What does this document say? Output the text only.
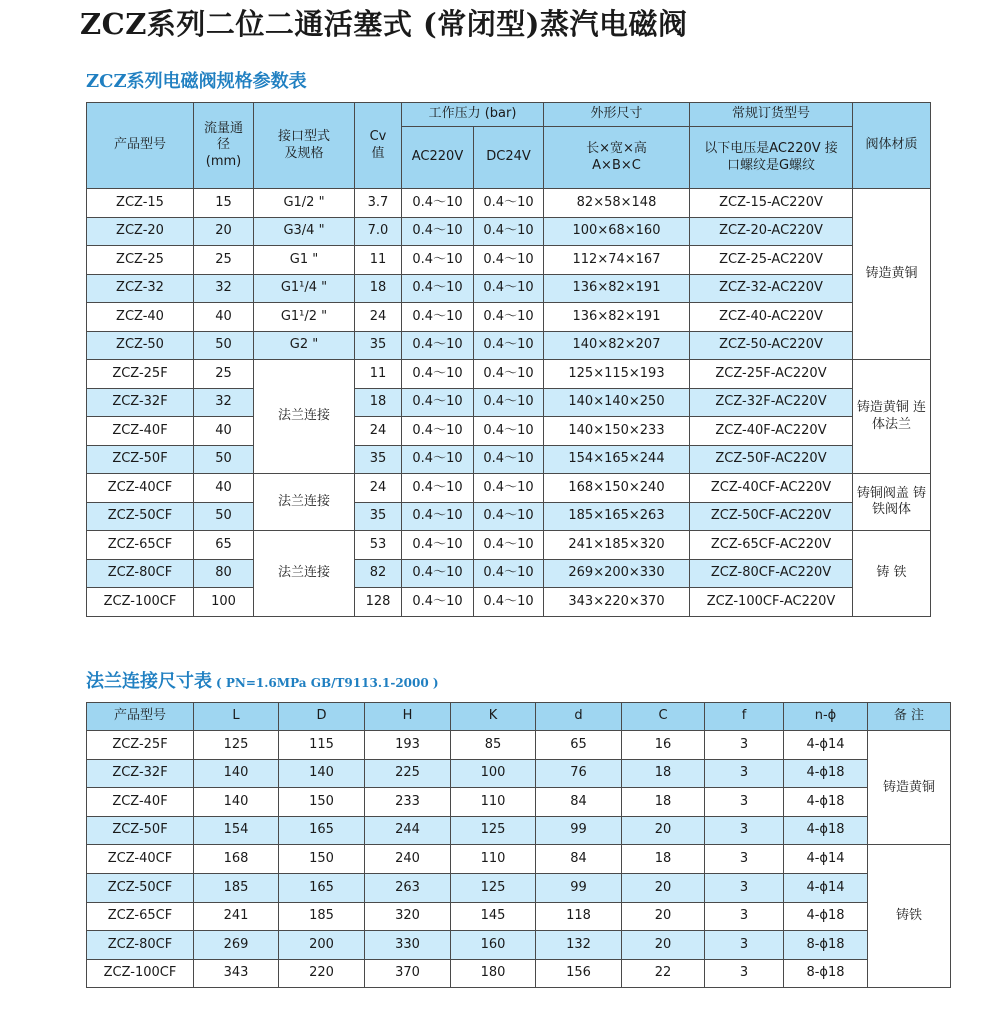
ZCZ系列二位二通活塞式 (常闭型)蒸汽电磁阀
ZCZ系列电磁阀规格参数表
产品型号	流量通径(mm)	接口型式及规格	Cv值	工作压力 (bar)		外形尺寸	常规订货型号	阀体材质
				AC220V	DC24V	长×宽×高 A×B×C	以下电压是AC220V 接口螺纹是G螺纹	
ZCZ-15	15	G1/2 "	3.7	0.4～10	0.4～10	82×58×148	ZCZ-15-AC220V	铸造黄铜
ZCZ-20	20	G3/4 "	7.0	0.4～10	0.4～10	100×68×160	ZCZ-20-AC220V	
ZCZ-25	25	G1 "	11	0.4～10	0.4～10	112×74×167	ZCZ-25-AC220V	
ZCZ-32	32	G1¹/4 "	18	0.4～10	0.4～10	136×82×191	ZCZ-32-AC220V	
ZCZ-40	40	G1¹/2 "	24	0.4～10	0.4～10	136×82×191	ZCZ-40-AC220V	
ZCZ-50	50	G2 "	35	0.4～10	0.4～10	140×82×207	ZCZ-50-AC220V	
ZCZ-25F	25	法兰连接	11	0.4～10	0.4～10	125×115×193	ZCZ-25F-AC220V	铸造黄铜 连体法兰
ZCZ-32F	32		18	0.4～10	0.4～10	140×140×250	ZCZ-32F-AC220V	
ZCZ-40F	40		24	0.4～10	0.4～10	140×150×233	ZCZ-40F-AC220V	
ZCZ-50F	50		35	0.4～10	0.4～10	154×165×244	ZCZ-50F-AC220V	
ZCZ-40CF	40	法兰连接	24	0.4～10	0.4～10	168×150×240	ZCZ-40CF-AC220V	铸铜阀盖 铸铁阀体
ZCZ-50CF	50		35	0.4～10	0.4～10	185×165×263	ZCZ-50CF-AC220V	
ZCZ-65CF	65	法兰连接	53	0.4～10	0.4～10	241×185×320	ZCZ-65CF-AC220V	铸 铁
ZCZ-80CF	80		82	0.4～10	0.4～10	269×200×330	ZCZ-80CF-AC220V	
ZCZ-100CF	100		128	0.4～10	0.4～10	343×220×370	ZCZ-100CF-AC220V	
法兰连接尺寸表 ( PN=1.6MPa GB/T9113.1-2000 )
产品型号	L	D	H	K	d	C	f	n-ϕ	备 注
ZCZ-25F	125	115	193	85	65	16	3	4-ϕ14	铸造黄铜
ZCZ-32F	140	140	225	100	76	18	3	4-ϕ18	
ZCZ-40F	140	150	233	110	84	18	3	4-ϕ18	
ZCZ-50F	154	165	244	125	99	20	3	4-ϕ18	
ZCZ-40CF	168	150	240	110	84	18	3	4-ϕ14	铸铁
ZCZ-50CF	185	165	263	125	99	20	3	4-ϕ14	
ZCZ-65CF	241	185	320	145	118	20	3	4-ϕ18	
ZCZ-80CF	269	200	330	160	132	20	3	8-ϕ18	
ZCZ-100CF	343	220	370	180	156	22	3	8-ϕ18	
